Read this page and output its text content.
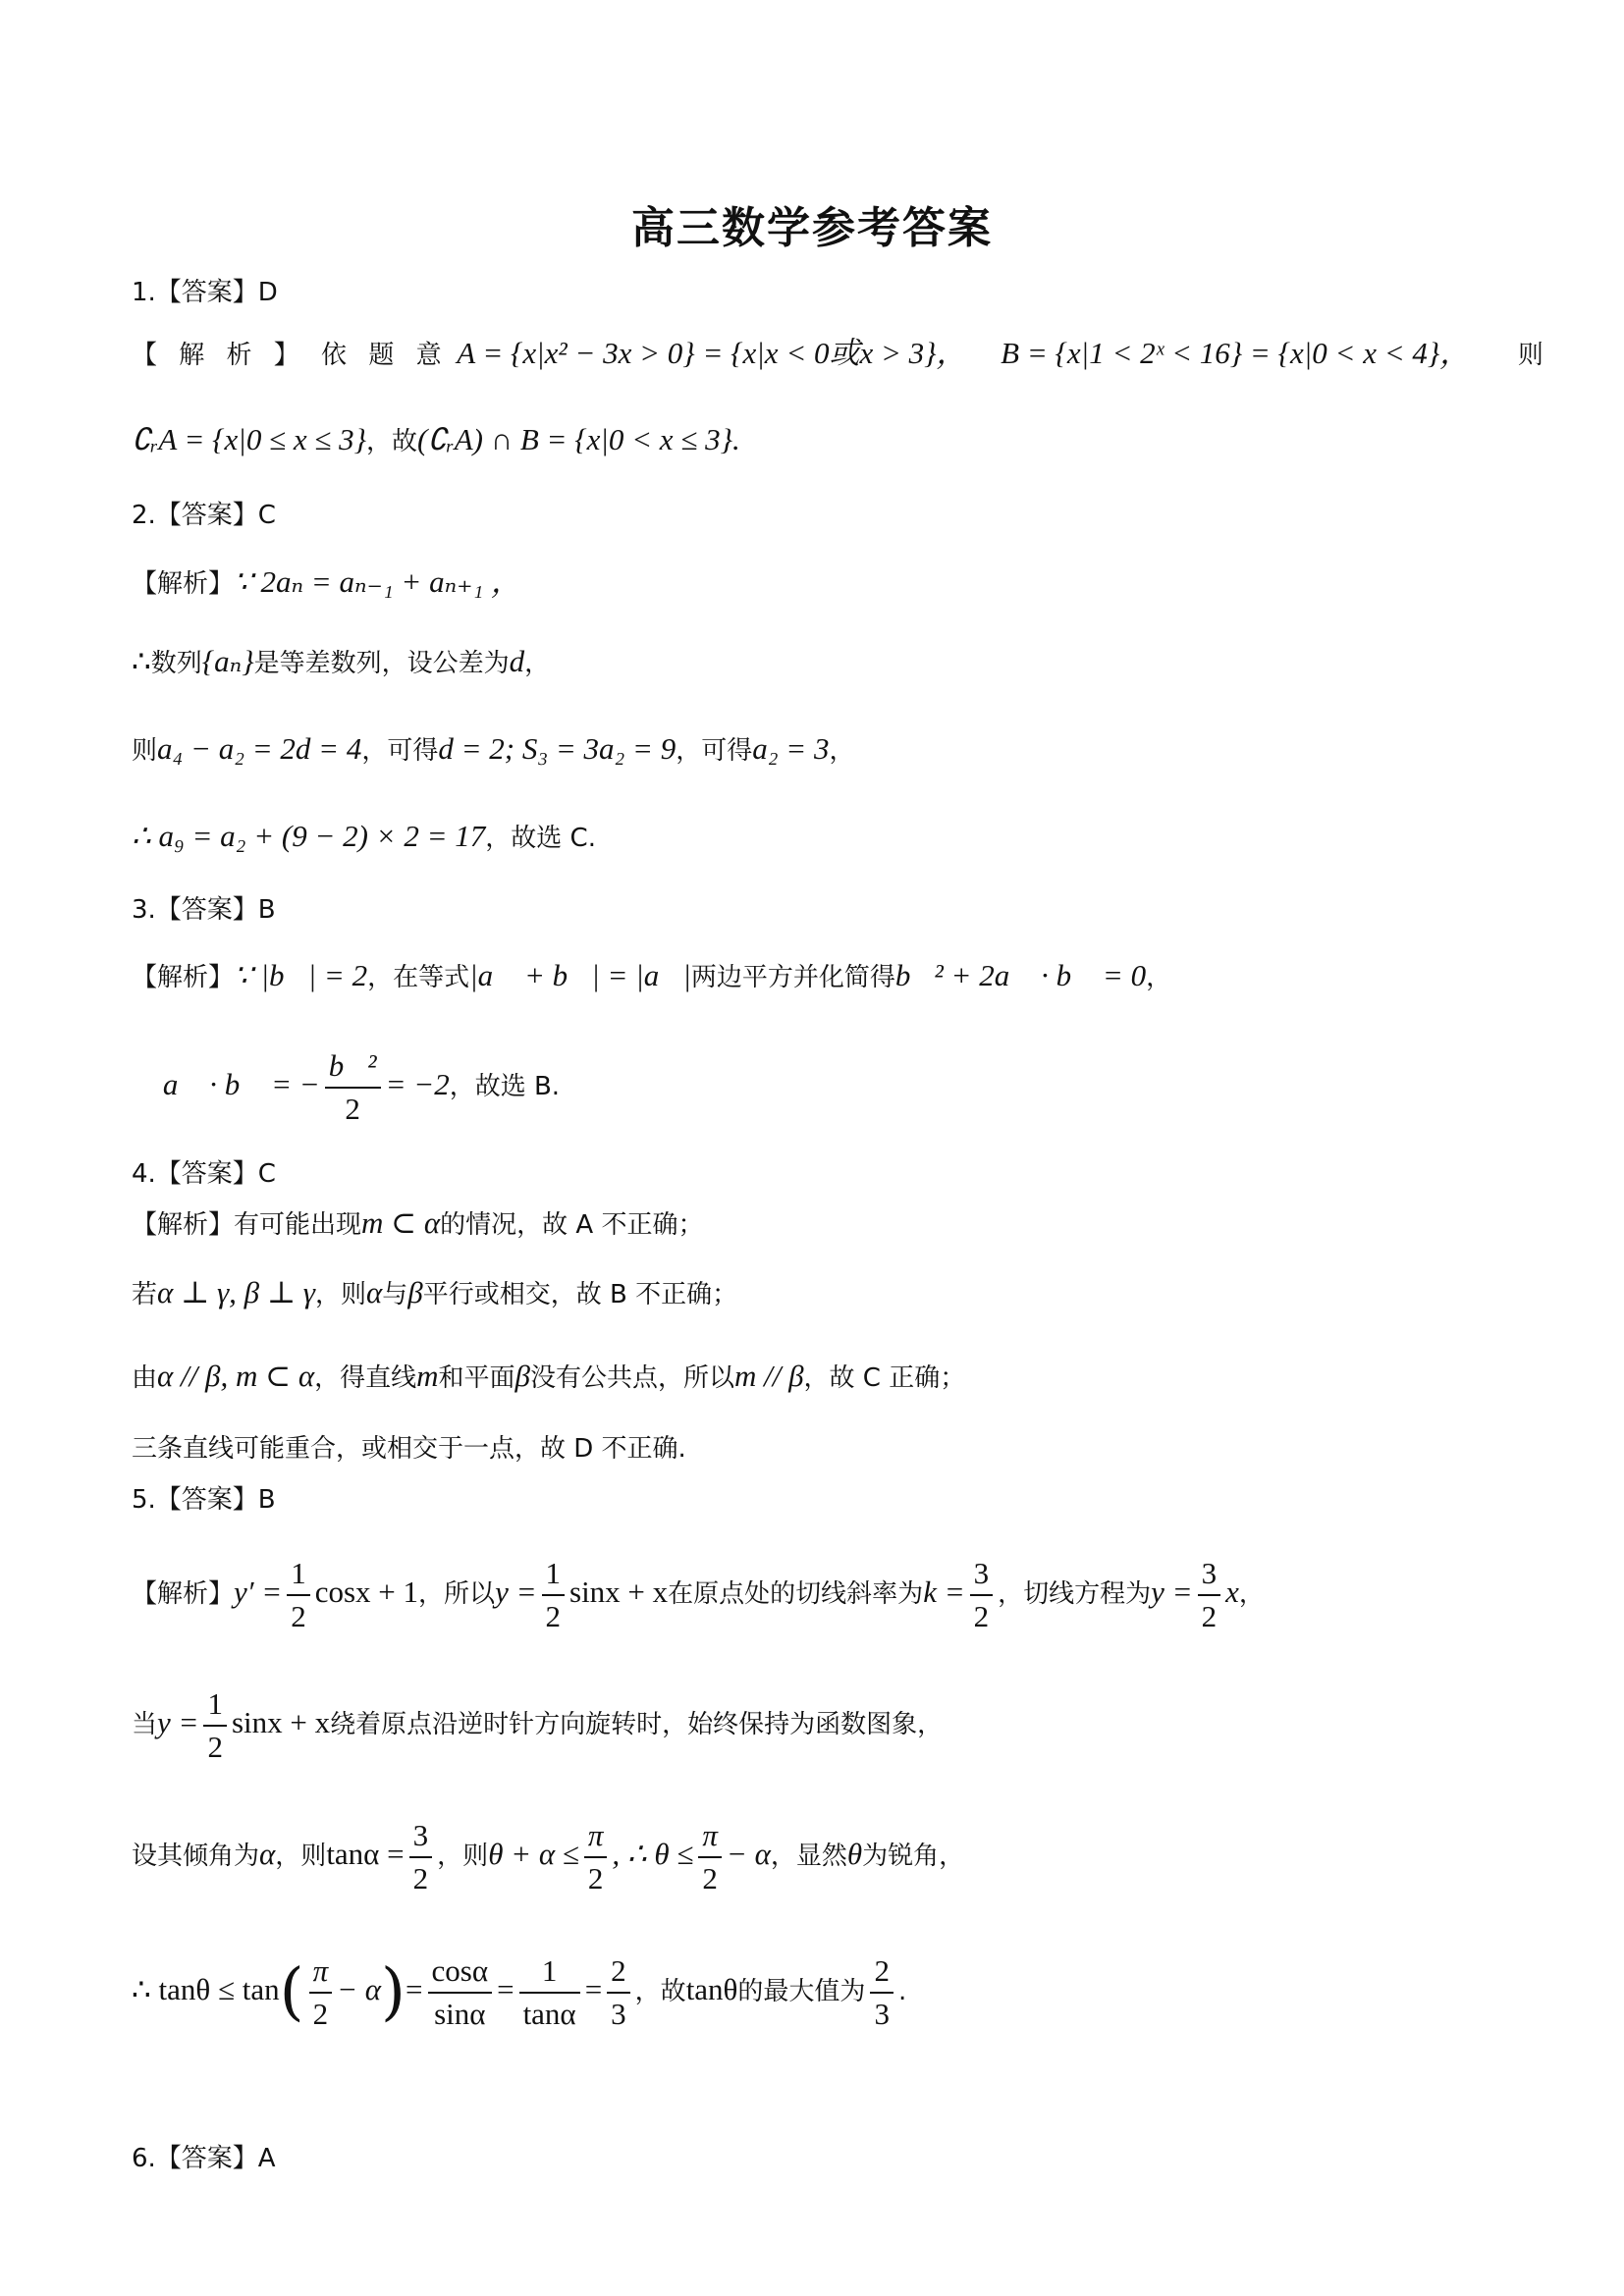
高三数学参考答案
1.【答案】D
【 解 析 】 依 题 意 A = {x|x² − 3x > 0} = {x|x < 0或x > 3}， B = {x|1 < 2ˣ < 16} = {x|0 < x < 4}， 则
∁ᵣA = {x|0 ≤ x ≤ 3}，故(∁ᵣA) ∩ B = {x|0 < x ≤ 3}.
2.【答案】C
【解析】∵ 2aₙ = aₙ₋₁ + aₙ₊₁ ，
∴数列{aₙ}是等差数列，设公差为d，
则a₄ − a₂ = 2d = 4，可得d = 2; S₃ = 3a₂ = 9，可得a₂ = 3，
∴ a₉ = a₂ + (9 − 2) × 2 = 17，故选 C.
3.【答案】B
【解析】∵ |b⃗| = 2，在等式|a⃗ + b⃗| = |a⃗|两边平方并化简得b⃗² + 2a⃗ · b⃗ = 0，
∴ a⃗ · b⃗ = − $\frac{\text{b⃗²}}{2} = -2$，故选 B.
4.【答案】C
【解析】有可能出现m ⊂ α的情况，故 A 不正确；
若α ⊥ γ, β ⊥ γ，则α与β平行或相交，故 B 不正确；
由α // β, m ⊂ α，得直线m和平面β没有公共点，所以m // β，故 C 正确；
三条直线可能重合，或相交于一点，故 D 不正确.
5.【答案】B
【解析】$y' = \frac{1}{2}$ cosx + 1，所以$y = \frac{1}{2}$ sinx + x在原点处的切线斜率为$k = \frac{3}{2}$ ，切线方程为$y = \frac{3}{2}$ x，
当$y = \frac{1}{2}$ sinx + x绕着原点沿逆时针方向旋转时，始终保持为函数图象，
设其倾角为α，则$\tan\alpha = \frac{3}{2}$ ，则$\theta + \alpha \le \frac{\pi}{2}$ , ∴ $\theta \le \frac{\pi}{2} - \alpha$，显然θ为锐角，
∴ $\tan\theta \le \tan( \frac{\pi}{2} - \alpha)= \frac{\cos\alpha}{\sin\alpha} = \frac{1}{\tan\alpha} = \frac{2}{3}$ ，故tanθ的最大值为 $\frac{2}{3}$ .
6.【答案】A
